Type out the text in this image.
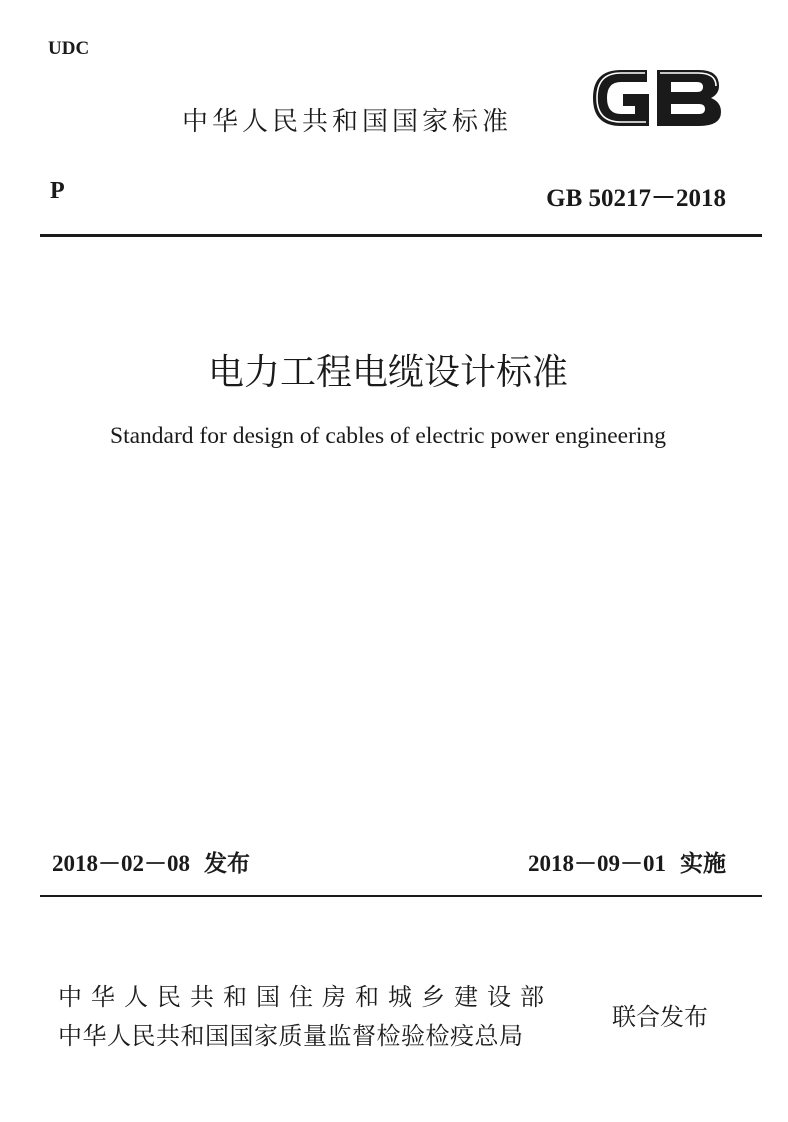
UDC
中华人民共和国国家标准
P	GB 50217－2018
电力工程电缆设计标准
Standard for design of cables of electric power engineering
2018－02－08 发布	2018－09－01 实施
中华人民共和国住房和城乡建设部
中华人民共和国国家质量监督检验检疫总局
联合发布
